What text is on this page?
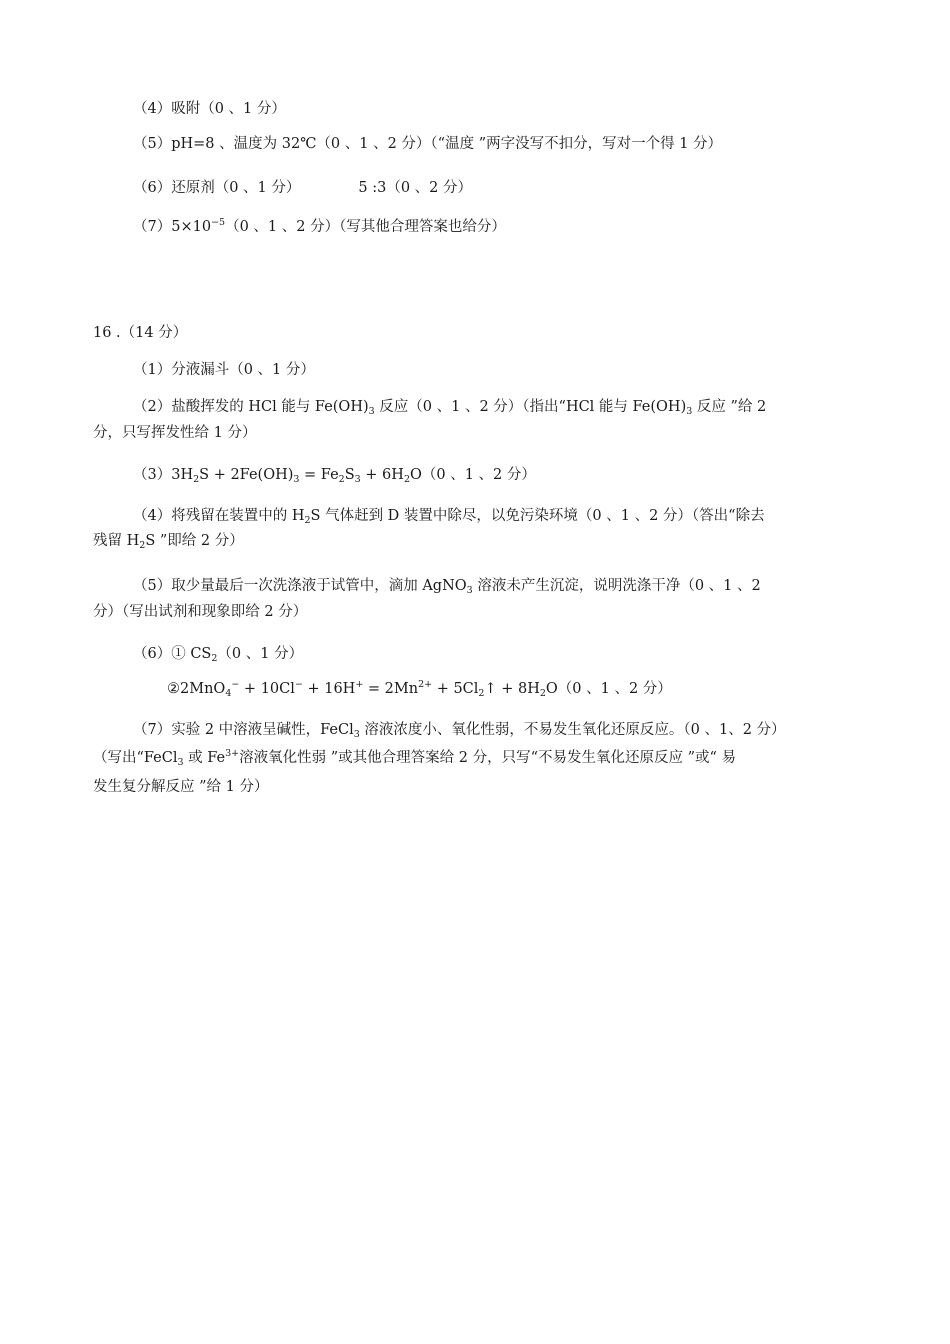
（4）吸附（0 、1 分）
（5）pH=8 、温度为 32℃（0 、1 、2 分）（“温度 ”两字没写不扣分，写对一个得 1 分）
（6）还原剂（0 、1 分）	5 :3（0 、2 分）
$(7)5\times 10^{-5}(0$ 、1 、2 分）（写其他合理答案也给分）
16 .（14 分）
（1）分液漏斗（0 、1 分）
（2）盐酸挥发的 HCl 能与 $Fe(OH)_3$ 反应（0 、1 、2 分）（指出“HCl 能与 $Fe(OH)_3$ 反应 ”给 2
分，只写挥发性给 1 分）
$(3)3H_2S + 2Fe(OH)_3 = Fe_2S_3 + 6H_2O(0$ 、1 、2 分）
（4）将残留在装置中的 $H_2S$ 气体赶到 D 装置中除尽，以免污染环境（0 、1 、2 分）（答出“除去
残留 $H_2S$ ”即给 2 分）
（5）取少量最后一次洗涤液于试管中，滴加 AgNO$_3$ 溶液未产生沉淀，说明洗涤干净（0 、1 、2
分）（写出试剂和现象即给 2 分）
（6）① $CS_2(0$ 、1 分）
②2MnO$_4$− + $10Cl^- + 16H^+ = 2Mn^{2+}$ + $5Cl_2↑ + 8H_2O(0$ 、1 、2 分）
（7）实验 2 中溶液呈碱性，FeCl$_3$ 溶液浓度小、氧化性弱，不易发生氧化还原反应。（0 、1、2 分）
（写出“FeCl$_3$ 或 $Fe^{3+}$溶液氧化性弱 ”或其他合理答案给 2 分，只写“不易发生氧化还原反应 ”或“ 易
发生复分解反应 ”给 1 分）
